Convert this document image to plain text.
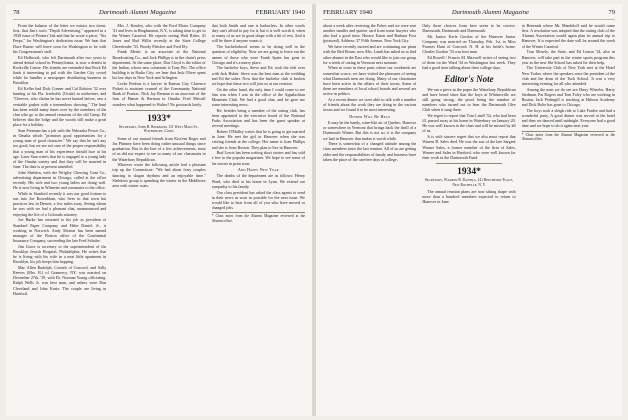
78	Dartmouth Alumni Magazine	FEBRUARY 1940

From the balance of the letter we extract two items: first, that Jim's son's "Depth Advertising," appeared in a 1938 issue of Printers' Ink and that he wrote a piece, "Six Peeps," for Washington's dedication issue. We hear that Dave Baxter will leave soon for Washington to be with his Congressman's staff.

Ed Holbrook, who left Dartmouth after two years to attend dental school in Pennsylvania, is now a dentist in Rockville Centre. His friends are reminded that Rock Ed finds it interesting to pal with the Garden City crowd while he handles a newspaper distributing business in Brooklyn.

Ed Keller had Dick Conner and Cal Ralston '32 over hunting at his Fla. freeholds (Ocala) in midwinter, and "Cheeves, who claims he has never hunted before, saw a veritable gusher with a tremendous showing." The hunt has been retold many times over by the members of the clan who go to the annual reunions of the old Camp. Ed believes that the lodge and the woods still make a great place for a holiday.

Stan Freeman has a job with the Nebraska Power Co., in Omaha which "promises good opportunities for a young man of good character." We say that he isn't any too good, but we are not sure of the proper responsibility that a young man of his experience should face at his age. Later Stan writes that he is engaged to a young lady of the Omaha variety and that they will be married in June. The date is at present unsettled.

John Sheldon, with the Wrigley Chewing Gum Co., advertising department in Chicago, called at the office recently. His wife and two young ladies are doing well. He is now living in Wilmette and commutes to the office.

While in Stanford recently it was our good fortune to run into Joe Rosenblum, who lives in that town but practices law in Denver, a few miles away. Seeing whom he was with we had a pleasant chat, unannounced and enjoying the life of a Colorado attorney.

Joe Burke has returned to his job as president of Standard Paper Company and Hebe Daniel, Jr., is working in Norwich. Andy Morton has been named manager of the Boston office of the Continental Insurance Company, succeeding the late Fred Schuler.

Jim Grace is secretary to the superintendent of the Brooklyn Jewish Hospital, Philadelphia. He writes that he is living with his wife in a neat little apartment in Brooklyn, his job keeps him hopping.

Mac Allen Rudolph, Corinth of Concord, and Sally Reeves (Mrs. B.) of Gramercy, NY, was married on December 27th, '39, with Dr. Norman Young officiating. Ralph Wells Jr. was best man, and ushers were Don Cleveland and John Kurtz. The couple are living in Hartford.

Mrs. J. Kinsley, who with the Ford Motor Company '41 and lives in Binghamton, N.Y., is taking time to get to the Winter Carnival. He reports seeing Walt Ritter, Al Jones and Bud Willis recently at the State College Cheerleader '33, Woody Fletcher and Fred Ely.

Frank Metric is an associate at the National Broadcasting Co., and Jack Phillips is in the chain's press department. At the same place, Don Lloyd is the editor of the Indian, whose new columnist is Tony Pitt. The office building is in Radio City; we hear that Jack Oliver spent his last days in New York and Arlington.

Locke Perkins is a lawyer in Kansas City. Clarence Pickett is assistant counsel of the Community National Bank of Pontiac. Nick Jay Berman is an associate of the firm of Hamer & Berman in Omaha. Fred Metcalf wonders what happened to Walter? No postcards lately.

1933*
Secretary, John B. Redmond, 111 West Main St., Waterbury, Conn.

Some of our mutual friends from Kiss'em Roger and Jas Phinney have been doing rather unusual things since graduation. But in the line of a few achievements, most of us did not expect to see so many of our classmates in the Waterbury Republican.

Whoever wrote the following article had a pleasant trip up the Connecticut: "We had about forty couples dancing to slogan rhythms and an enjoyable time." Sheldon's group is spending the winter in the Middlesex area with winter coats.

that both Smith and one is harborless. In other words they can't afford to pay for it, but it is well worth it, when so many of us are in good shape with a bit of rest. And it will be there if anyone wants it.

The bachelorhood seems to be doing well in the question of eligibility. Now we are going to leave out the names of those who were Frank Spain has gone to Chicago and it's a merry place.

The bachelor boys, Steve and Ed, took the ride over with Jack Huber. Steve was the best man at the wedding and Ed the usher. Now that the bachelor club is broken we hope that these two will join us at our reunion.

On the other hand, the only time I could come to see him was when I was in the office of the Appalachian Mountain Club. We had a good chat, and he gave me some interesting news.

He, besides being a member of the outing club, has been appointed to the executive board of the National Parks Association and has been the guest speaker at several meetings.

Robert O'Malley writes that he is going to get married in June. He met the girl in Hanover when she was visiting friends at the college. Her name is Joan Phillips and she is from Boston. They plan to live in Hanover.

Bud Lewis has been writing short stories and has sold a few to the popular magazines. We hope to see some of his stories in print soon.

And Happy New Year

The deaths of the department are as follows: Henry Ward, who died at his home in Lynn. We extend our sympathy to his family.

Our class president has asked the class agents to send in their news as soon as possible for the next issue. We would like to hear from all of you who have moved or changed jobs.

* Class notes from the Alumni Magazine reviewed at the Alumni office.
FEBRUARY 1940	Dartmouth Alumni Magazine	79

about a week after receiving the Fobes and we were sent another smaller and quieter card from some lawyers who also had a good time: Horace Eaton and Barbara Foss (pictured). Address: 37 Fifth Avenue, New York City.

We have recently moved and are continuing our plans with the Red House; now Mrs. Lamb has asked us to find other alumni in the East who would like to join our group for a week of outing in Vermont next summer.

When in town in these parts where our weekends are somewhat scarce, we have visited the pleasures of seeing what Dartmouth men are doing. Many of our classmates have been active in the affairs of their towns. Some of them are members of local school boards and several are active in politics.

At a recent dinner we were able to talk with a number of friends about the work they are doing in the various towns and we found it to be most interesting.

Dinner Will Be Held

It may be the handy, wine-like air of Quebec, Hanover or somewhere in Vermont that brings back the thrill of a Dartmouth Winter. But this is not so; it is the company we had in Hanover that makes it worth while.

There is somewhat of a changed attitude among the class members since the last reunion. All of us are getting older and the responsibilities of family and business have taken the place of the carefree days at college.

Only three choices from here seem to be correct: Dartmouth, Dartmouth and Dartmouth.

Mr. Junior Kerle Gordon of the Hanover Junior Company was married on Thursday, Feb. 1st, to Miss Frances Hunt of Concord, N. H. at his bride's home. Charles Gordon '33 was best man.

Ed Rowell / Francis M. Maxwell writes of seeing two of them on the Ward '34 in Washington last week. They had a good time talking about their college days.

Editor's Note

We ran a piece in the paper the Waterbury Republican and have heard since that the boys at Whitinsville are still going strong, the proof being the number of members who turned out to hear the Dartmouth Glee Club when it sang there.

We regret to report that Tom Linell '34, who had been ill, passed away at his home in Waterbury on January 20. He was well known in the class and will be missed by all of us.

It is with sincere regret that we also must report that Warren B. Sales died. He was the son of the late Sargent Warner Sales, a former member of the firm of Sales, Warner and Sales in Hartford, who were well known for their work in the Dartmouth Fund.

1934*
Secretary, Warren B. Daniels, 141 Beechfort Place, New Rochelle, N. Y.

The annual reunion plans are now taking shape with more than a hundred members expected to return to Hanover in June.

in Bermuda where Mr. Mandeloff said he would come first. A resolution was adopted that the outing club of the Alumni Association would again plan its annual trip to Hanover. It is expected the date will be around the week of the Winter Carnival.

Tom Mosely, the State, and Ed Linton '34, also in Hanover, will take part in the winter sports program this year as the new Ski School has asked for their help.

The University Club of New York met at the Hotel New Yorker where the speakers were the president of the club and the dean of the Tuck School. It was a very interesting evening for all who attended.

Among the men we do see are Harry Wheeler, Harry Stedman, Pat Rogers and Tom Foley who are working in Boston. Jack Pettingill is teaching at Hebron Academy and Dick Bolte has gone to Chicago.

The boys took a sleigh ride to Lake Fairlee and had a wonderful party. A good dinner was served at the hotel and then we danced until midnight. Everyone had a good time and we hope to do it again next year.

* Class notes from the Alumni Magazine reviewed at the Alumni office.
